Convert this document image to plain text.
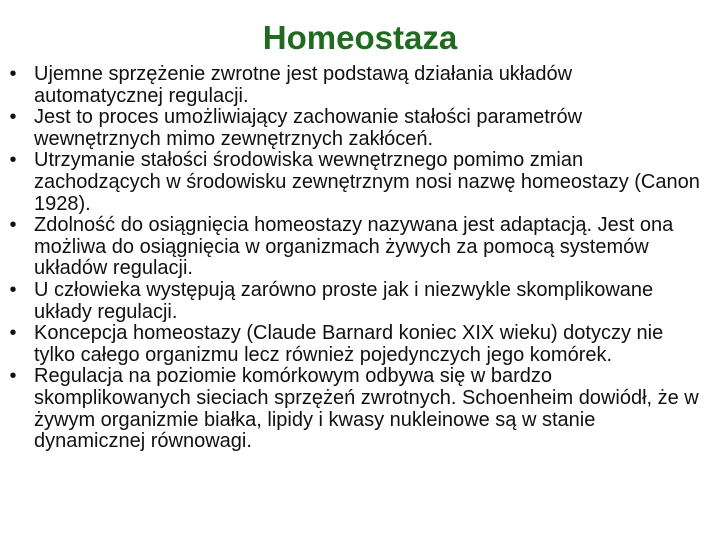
Homeostaza
• Ujemne sprzężenie zwrotne jest podstawą działania układów automatycznej regulacji.
• Jest to proces umożliwiający zachowanie stałości parametrów wewnętrznych mimo zewnętrznych zakłóceń.
• Utrzymanie stałości środowiska wewnętrznego pomimo zmian zachodzących w środowisku zewnętrznym nosi nazwę homeostazy (Canon 1928).
• Zdolność do osiągnięcia homeostazy nazywana jest adaptacją. Jest ona możliwa do osiągnięcia w organizmach żywych za pomocą systemów układów regulacji.
• U człowieka występują zarówno proste jak i niezwykle skomplikowane układy regulacji.
• Koncepcja homeostazy (Claude Barnard koniec XIX wieku) dotyczy nie tylko całego organizmu lecz również pojedynczych jego komórek.
• Regulacja na poziomie komórkowym odbywa się w bardzo skomplikowanych sieciach sprzężeń zwrotnych. Schoenheim dowiódł, że w żywym organizmie białka, lipidy i kwasy nukleinowe są w stanie dynamicznej równowagi.
